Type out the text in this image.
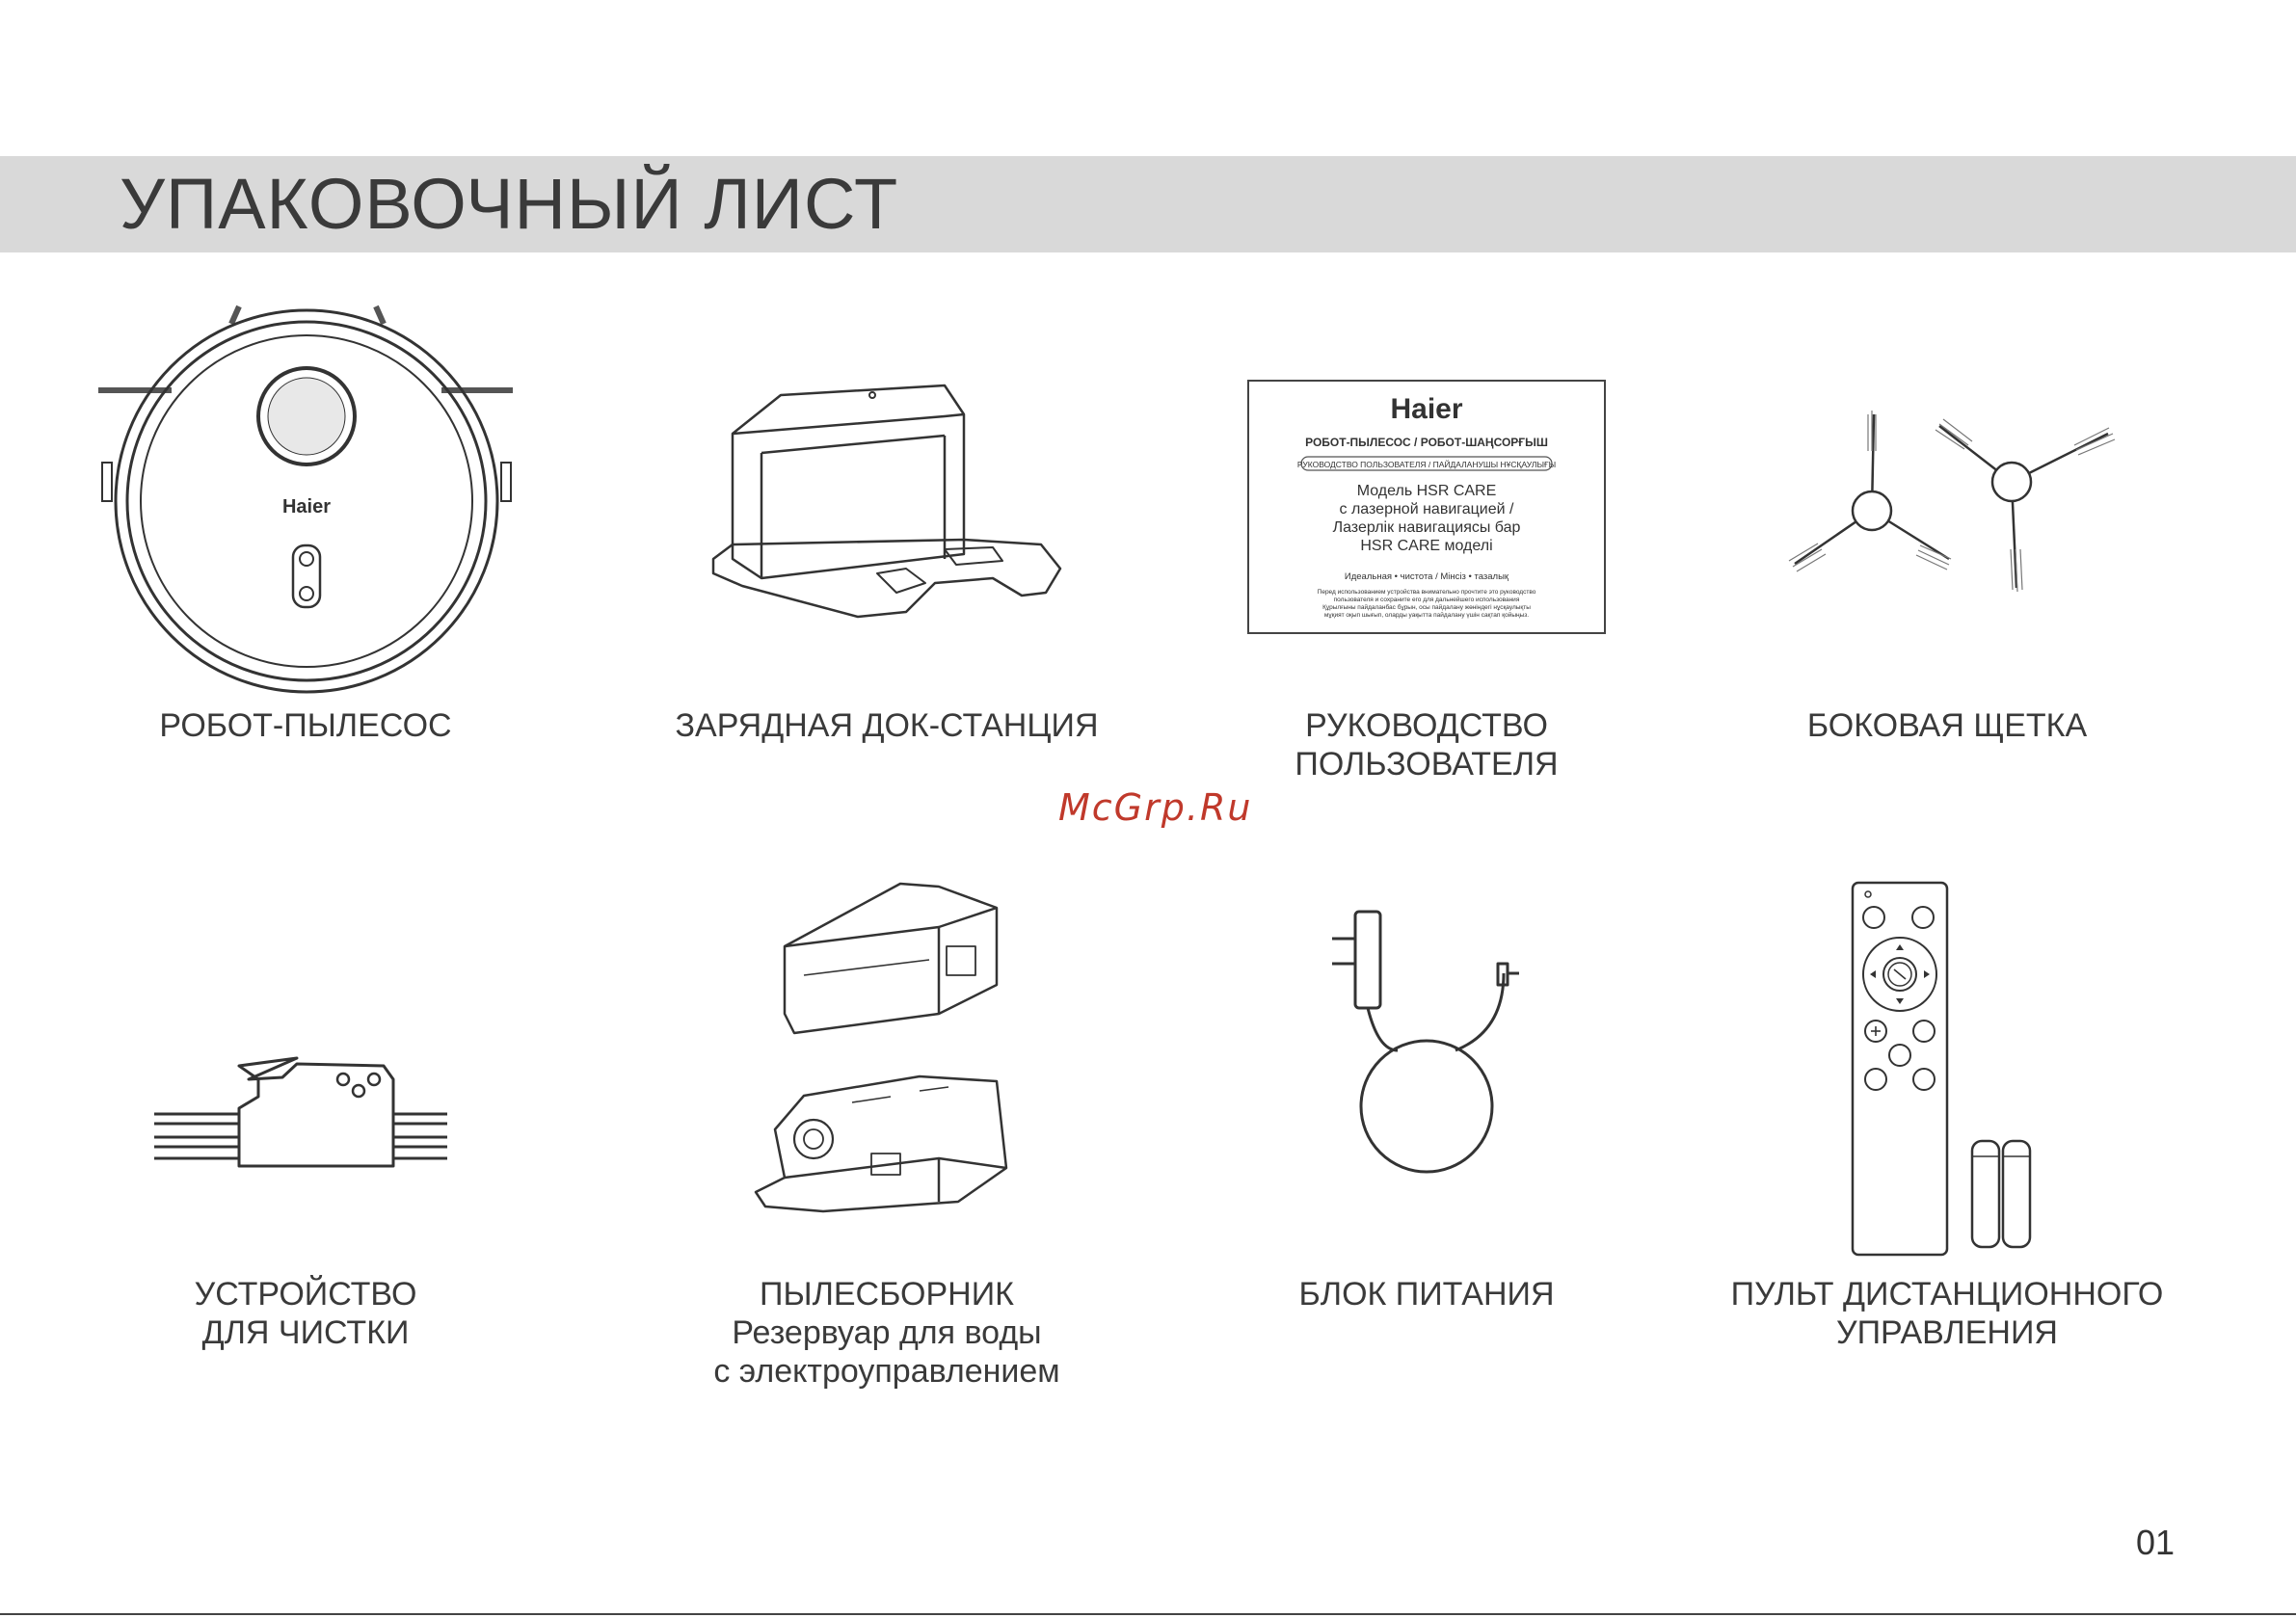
УПАКОВОЧНЫЙ ЛИСТ
Haier
РОБОТ-ПЫЛЕСОС	ЗАРЯДНАЯ ДОК-СТАНЦИЯ
Haier
РОБОТ-ПЫЛЕСОС / РОБОТ-ШАҢСОРҒЫШ
РУКОВОДСТВО ПОЛЬЗОВАТЕЛЯ / ПАЙДАЛАНУШЫ НҰСҚАУЛЫҒЫ
Модель HSR CARE
с лазерной навигацией /
Лазерлік навигациясы бар
HSR CARE моделі
Идеальная • чистота / Мінсіз • тазалық
Перед использованием устройства внимательно прочтите это руководство
пользователя и сохраните его для дальнейшего использования
Құрылғыны пайдаланбас бұрын, осы пайдалану жөніндегі нұсқаулықты
мұқият оқып шығып, оларды уақытта пайдалану үшін сақтап қойыңыз.
РУКОВОДСТВО
ПОЛЬЗОВАТЕЛЯ
БОКОВАЯ ЩЕТКА
УСТРОЙСТВО
ДЛЯ ЧИСТКИ
ПЫЛЕСБОРНИК
Резервуар для воды
с электроуправлением
БЛОК ПИТАНИЯ	ПУЛЬТ ДИСТАНЦИОННОГО
УПРАВЛЕНИЯ
McGrp.Ru
01
